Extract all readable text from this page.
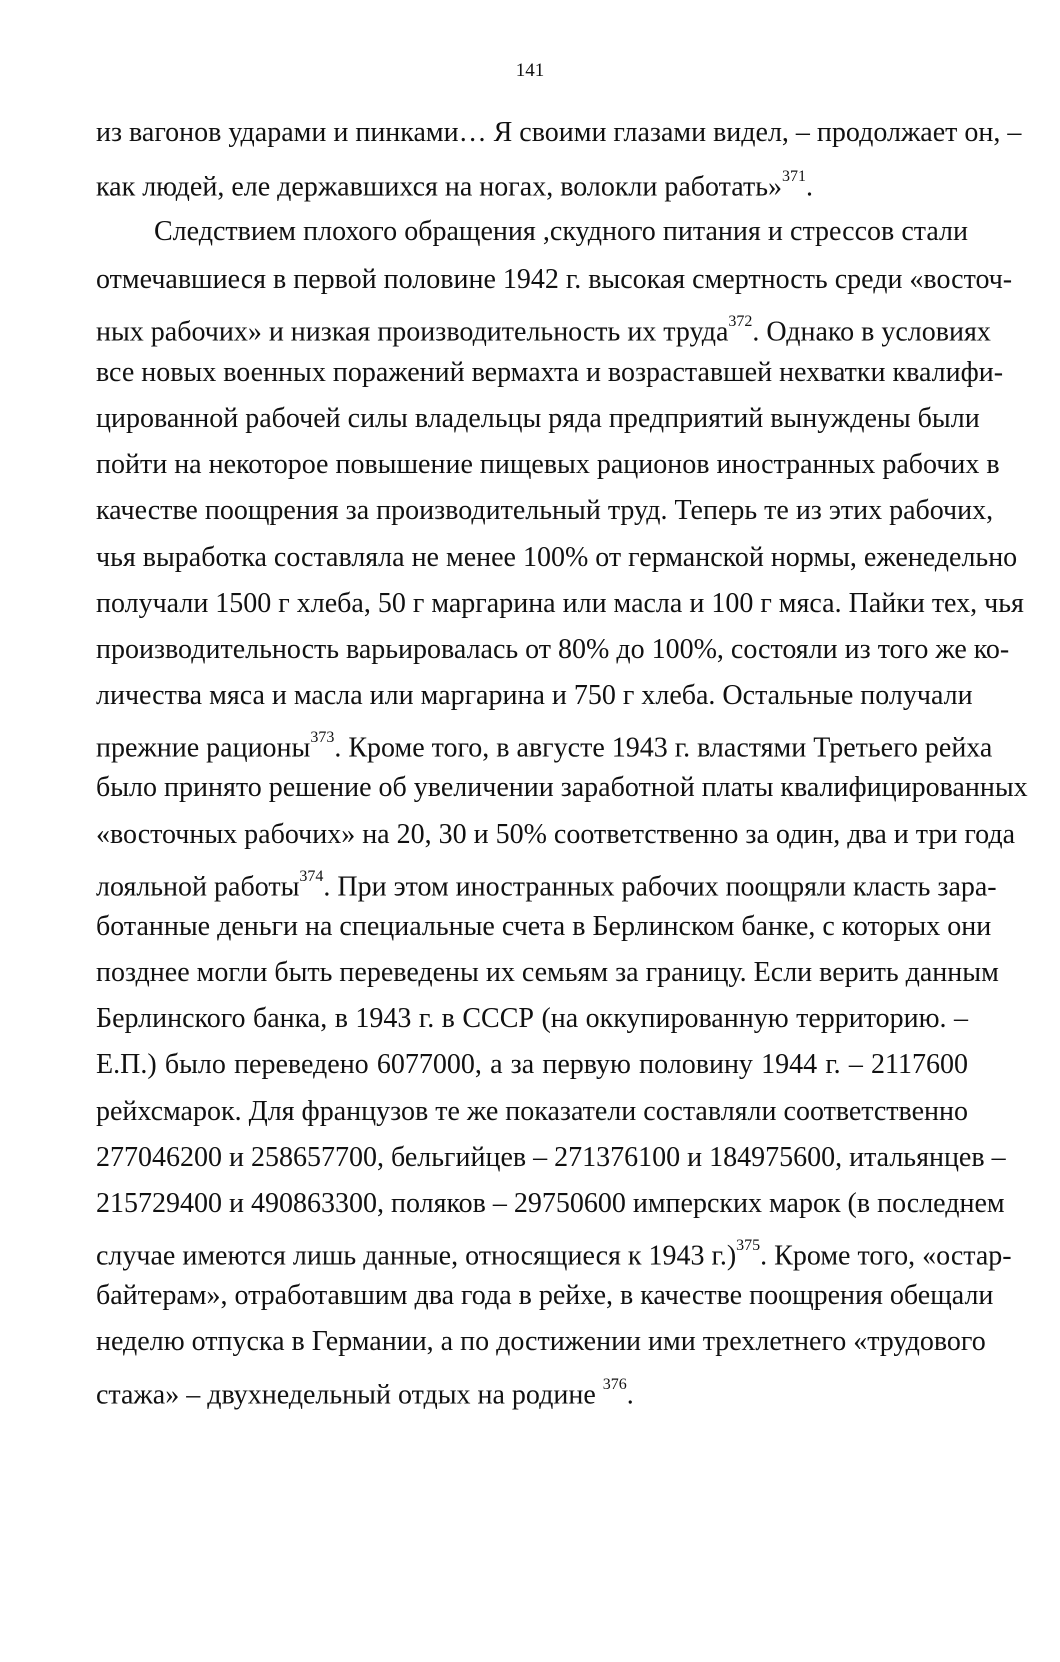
141
из вагонов ударами и пинками… Я своими глазами видел, – продолжает он, –
как людей, еле державшихся на ногах, волокли работать»$^{371}$.
Следствием плохого обращения ,скудного питания и стрессов стали
отмечавшиеся в первой половине 1942 г. высокая смертность среди «восточ-
ных рабочих» и низкая производительность их труда$^{372}$. Однако в условиях
все новых военных поражений вермахта и возраставшей нехватки квалифи-
цированной рабочей силы владельцы ряда предприятий вынуждены были
пойти на некоторое повышение пищевых рационов иностранных рабочих в
качестве поощрения за производительный труд. Теперь те из этих рабочих,
чья выработка составляла не менее 100% от германской нормы, еженедельно
получали 1500 г хлеба, 50 г маргарина или масла и 100 г мяса. Пайки тех, чья
производительность варьировалась от 80% до 100%, состояли из того же ко-
личества мяса и масла или маргарина и 750 г хлеба. Остальные получали
прежние рационы$^{373}$. Кроме того, в августе 1943 г. властями Третьего рейха
было принято решение об увеличении заработной платы квалифицированных
«восточных рабочих» на 20, 30 и 50% соответственно за один, два и три года
лояльной работы$^{374}$. При этом иностранных рабочих поощряли класть зара-
ботанные деньги на специальные счета в Берлинском банке, с которых они
позднее могли быть переведены их семьям за границу. Если верить данным
Берлинского банка, в 1943 г. в СССР (на оккупированную территорию. –
Е.П.) было переведено 6077000, а за первую половину 1944 г. – 2117600
рейхсмарок. Для французов те же показатели составляли соответственно
277046200 и 258657700, бельгийцев – 271376100 и 184975600, итальянцев –
215729400 и 490863300, поляков – 29750600 имперских марок (в последнем
случае имеются лишь данные, относящиеся к 1943 г.)$^{375}$. Кроме того, «остар-
байтерам», отработавшим два года в рейхе, в качестве поощрения обещали
неделю отпуска в Германии, а по достижении ими трехлетнего «трудового
стажа» – двухнедельный отдых на родине $^{376}$.
